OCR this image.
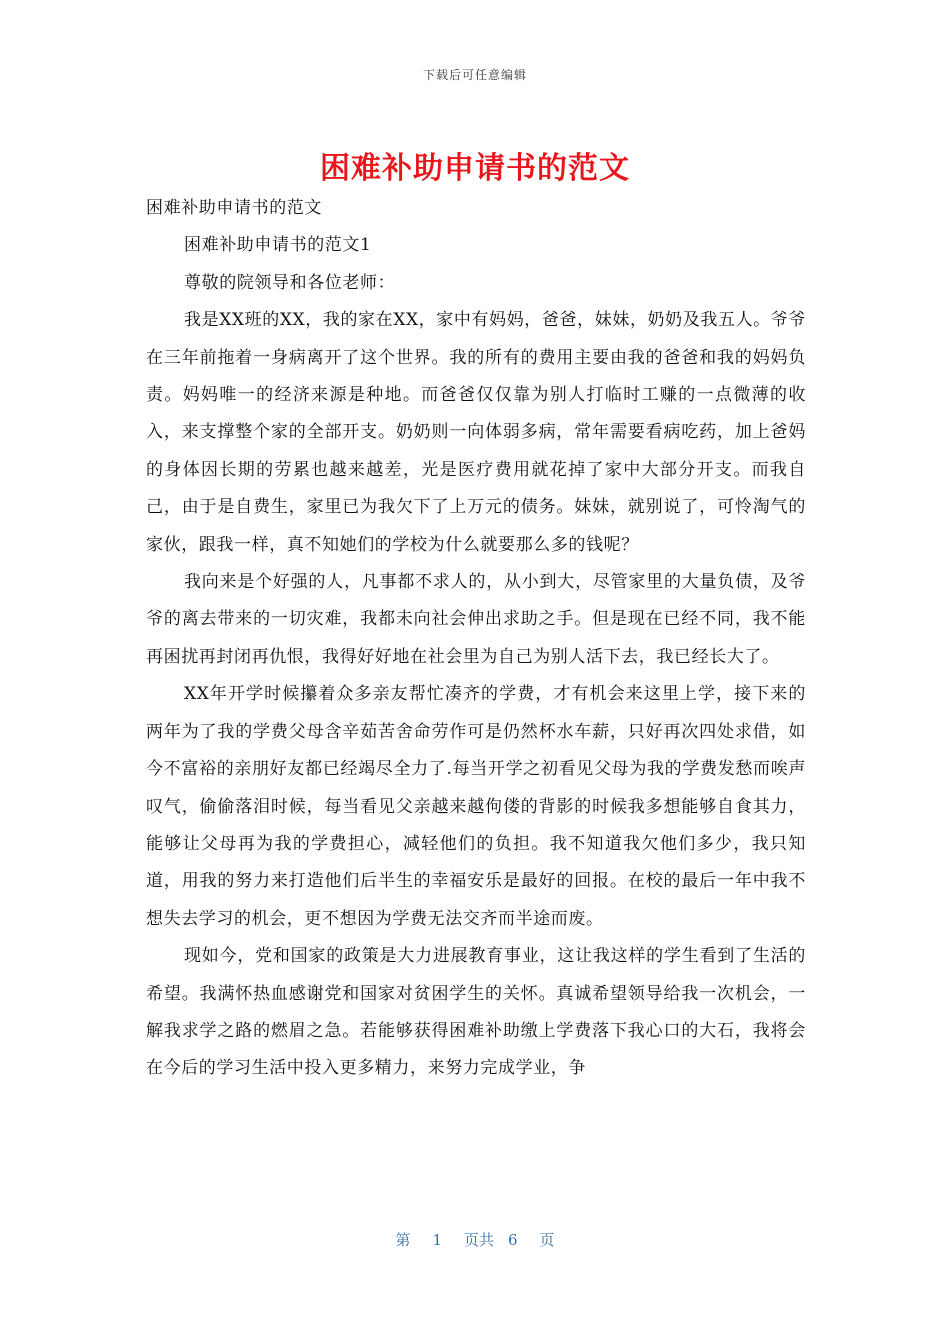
下载后可任意编辑
困难补助申请书的范文

困难补助申请书的范文

困难补助申请书的范文1

尊敬的院领导和各位老师：

我是XX班的XX，我的家在XX，家中有妈妈，爸爸，妹妹，奶奶及我五人。爷爷在三年前拖着一身病离开了这个世界。我的所有的费用主要由我的爸爸和我的妈妈负责。妈妈唯一的经济来源是种地。而爸爸仅仅靠为别人打临时工赚的一点微薄的收入，来支撑整个家的全部开支。奶奶则一向体弱多病，常年需要看病吃药，加上爸妈的身体因长期的劳累也越来越差，光是医疗费用就花掉了家中大部分开支。而我自己，由于是自费生，家里已为我欠下了上万元的债务。妹妹，就别说了，可怜淘气的家伙，跟我一样，真不知她们的学校为什么就要那么多的钱呢？

我向来是个好强的人，凡事都不求人的，从小到大，尽管家里的大量负债，及爷爷的离去带来的一切灾难，我都未向社会伸出求助之手。但是现在已经不同，我不能再困扰再封闭再仇恨，我得好好地在社会里为自己为别人活下去，我已经长大了。

XX年开学时候攥着众多亲友帮忙凑齐的学费，才有机会来这里上学，接下来的两年为了我的学费父母含辛茹苦舍命劳作可是仍然杯水车薪，只好再次四处求借，如今不富裕的亲朋好友都已经竭尽全力了.每当开学之初看见父母为我的学费发愁而唉声叹气，偷偷落泪时候，每当看见父亲越来越佝偻的背影的时候我多想能够自食其力，能够让父母再为我的学费担心，减轻他们的负担。我不知道我欠他们多少，我只知道，用我的努力来打造他们后半生的幸福安乐是最好的回报。在校的最后一年中我不想失去学习的机会，更不想因为学费无法交齐而半途而废。

现如今，党和国家的政策是大力进展教育事业，这让我这样的学生看到了生活的希望。我满怀热血感谢党和国家对贫困学生的关怀。真诚希望领导给我一次机会，一解我求学之路的燃眉之急。若能够获得困难补助缴上学费落下我心口的大石，我将会在今后的学习生活中投入更多精力，来努力完成学业，争

第 1 页共 6 页
